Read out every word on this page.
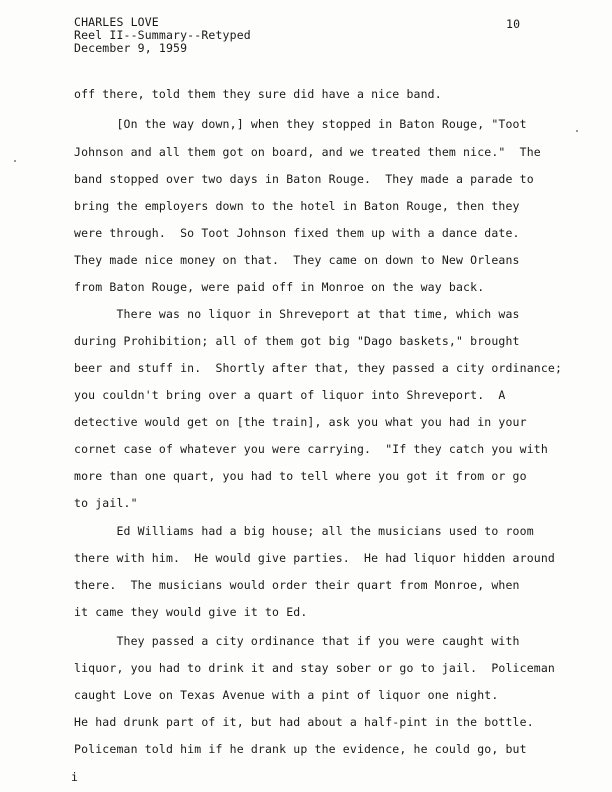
CHARLES LOVE
Reel II--Summary--Retyped
December 9, 1959
10
off there, told them they sure did have a nice band.
[On the way down,] when they stopped in Baton Rouge, "Toot
Johnson and all them got on board, and we treated them nice."  The
band stopped over two days in Baton Rouge.  They made a parade to
bring the employers down to the hotel in Baton Rouge, then they
were through.  So Toot Johnson fixed them up with a dance date.
They made nice money on that.  They came on down to New Orleans
from Baton Rouge, were paid off in Monroe on the way back.
There was no liquor in Shreveport at that time, which was
during Prohibition; all of them got big "Dago baskets," brought
beer and stuff in.  Shortly after that, they passed a city ordinance;
you couldn't bring over a quart of liquor into Shreveport.  A
detective would get on [the train], ask you what you had in your
cornet case of whatever you were carrying.  "If they catch you with
more than one quart, you had to tell where you got it from or go
to jail."
Ed Williams had a big house; all the musicians used to room
there with him.  He would give parties.  He had liquor hidden around
there.  The musicians would order their quart from Monroe, when
it came they would give it to Ed.
They passed a city ordinance that if you were caught with
liquor, you had to drink it and stay sober or go to jail.  Policeman
caught Love on Texas Avenue with a pint of liquor one night.
He had drunk part of it, but had about a half-pint in the bottle.
Policeman told him if he drank up the evidence, he could go, but
i
